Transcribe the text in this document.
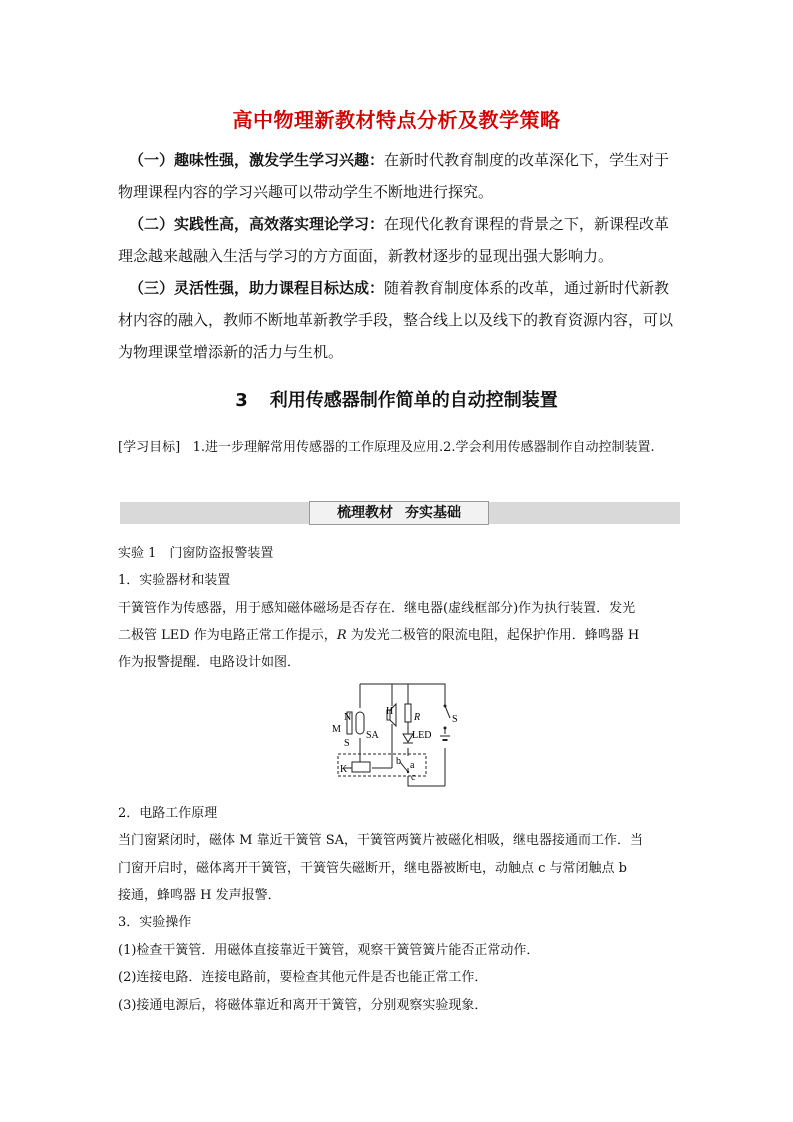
高中物理新教材特点分析及教学策略
（一）趣味性强，激发学生学习兴趣：在新时代教育制度的改革深化下，学生对于物理课程内容的学习兴趣可以带动学生不断地进行探究。
（二）实践性高，高效落实理论学习：在现代化教育课程的背景之下，新课程改革理念越来越融入生活与学习的方方面面，新教材逐步的显现出强大影响力。
（三）灵活性强，助力课程目标达成：随着教育制度体系的改革，通过新时代新教材内容的融入，教师不断地革新教学手段，整合线上以及线下的教育资源内容，可以为物理课堂增添新的活力与生机。
3 利用传感器制作简单的自动控制装置
[学习目标] 1.进一步理解常用传感器的工作原理及应用.2.学会利用传感器制作自动控制装置.
梳理教材 夯实基础
实验 1　门窗防盗报警装置
1．实验器材和装置
干簧管作为传感器，用于感知磁体磁场是否存在．继电器(虚线框部分)作为执行装置．发光
二极管 LED 作为电路正常工作提示，R 为发光二极管的限流电阻，起保护作用．蜂鸣器 H
作为报警提醒．电路设计如图．
N
M
S
SA
H
R
LED
S
K	a
b
c
2．电路工作原理
当门窗紧闭时，磁体 M 靠近干簧管 SA，干簧管两簧片被磁化相吸，继电器接通而工作．当
门窗开启时，磁体离开干簧管，干簧管失磁断开，继电器被断电，动触点 c 与常闭触点 b
接通，蜂鸣器 H 发声报警．
3．实验操作
(1)检查干簧管．用磁体直接靠近干簧管，观察干簧管簧片能否正常动作．
(2)连接电路．连接电路前，要检查其他元件是否也能正常工作．
(3)接通电源后，将磁体靠近和离开干簧管，分别观察实验现象．
